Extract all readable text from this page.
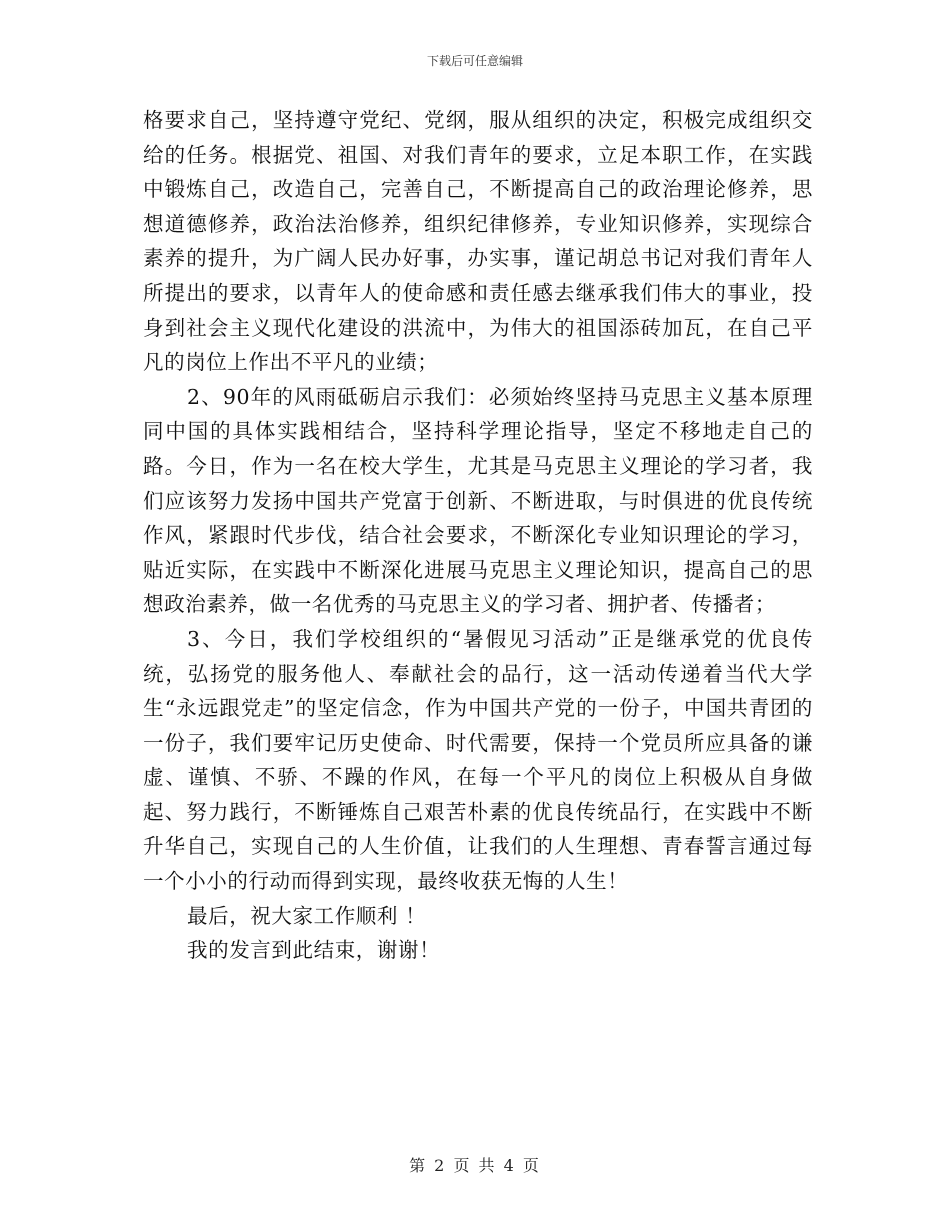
下载后可任意编辑

格要求自己，坚持遵守党纪、党纲，服从组织的决定，积极完成组织交给的任务。根据党、祖国、对我们青年的要求，立足本职工作，在实践中锻炼自己，改造自己，完善自己，不断提高自己的政治理论修养，思想道德修养，政治法治修养，组织纪律修养，专业知识修养，实现综合素养的提升，为广阔人民办好事，办实事，谨记胡总书记对我们青年人所提出的要求，以青年人的使命感和责任感去继承我们伟大的事业，投身到社会主义现代化建设的洪流中，为伟大的祖国添砖加瓦，在自己平凡的岗位上作出不平凡的业绩；

2、90年的风雨砥砺启示我们：必须始终坚持马克思主义基本原理同中国的具体实践相结合，坚持科学理论指导，坚定不移地走自己的路。今日，作为一名在校大学生，尤其是马克思主义理论的学习者，我们应该努力发扬中国共产党富于创新、不断进取，与时俱进的优良传统作风，紧跟时代步伐，结合社会要求，不断深化专业知识理论的学习，贴近实际，在实践中不断深化进展马克思主义理论知识，提高自己的思想政治素养，做一名优秀的马克思主义的学习者、拥护者、传播者；

3、今日，我们学校组织的“暑假见习活动”正是继承党的优良传统，弘扬党的服务他人、奉献社会的品行，这一活动传递着当代大学生“永远跟党走”的坚定信念，作为中国共产党的一份子，中国共青团的一份子，我们要牢记历史使命、时代需要，保持一个党员所应具备的谦虚、谨慎、不骄、不躁的作风，在每一个平凡的岗位上积极从自身做起、努力践行，不断锤炼自己艰苦朴素的优良传统品行，在实践中不断升华自己，实现自己的人生价值，让我们的人生理想、青春誓言通过每一个小小的行动而得到实现，最终收获无悔的人生！

最后，祝大家工作顺利 ！

我的发言到此结束，谢谢！

第 2 页 共 4 页
